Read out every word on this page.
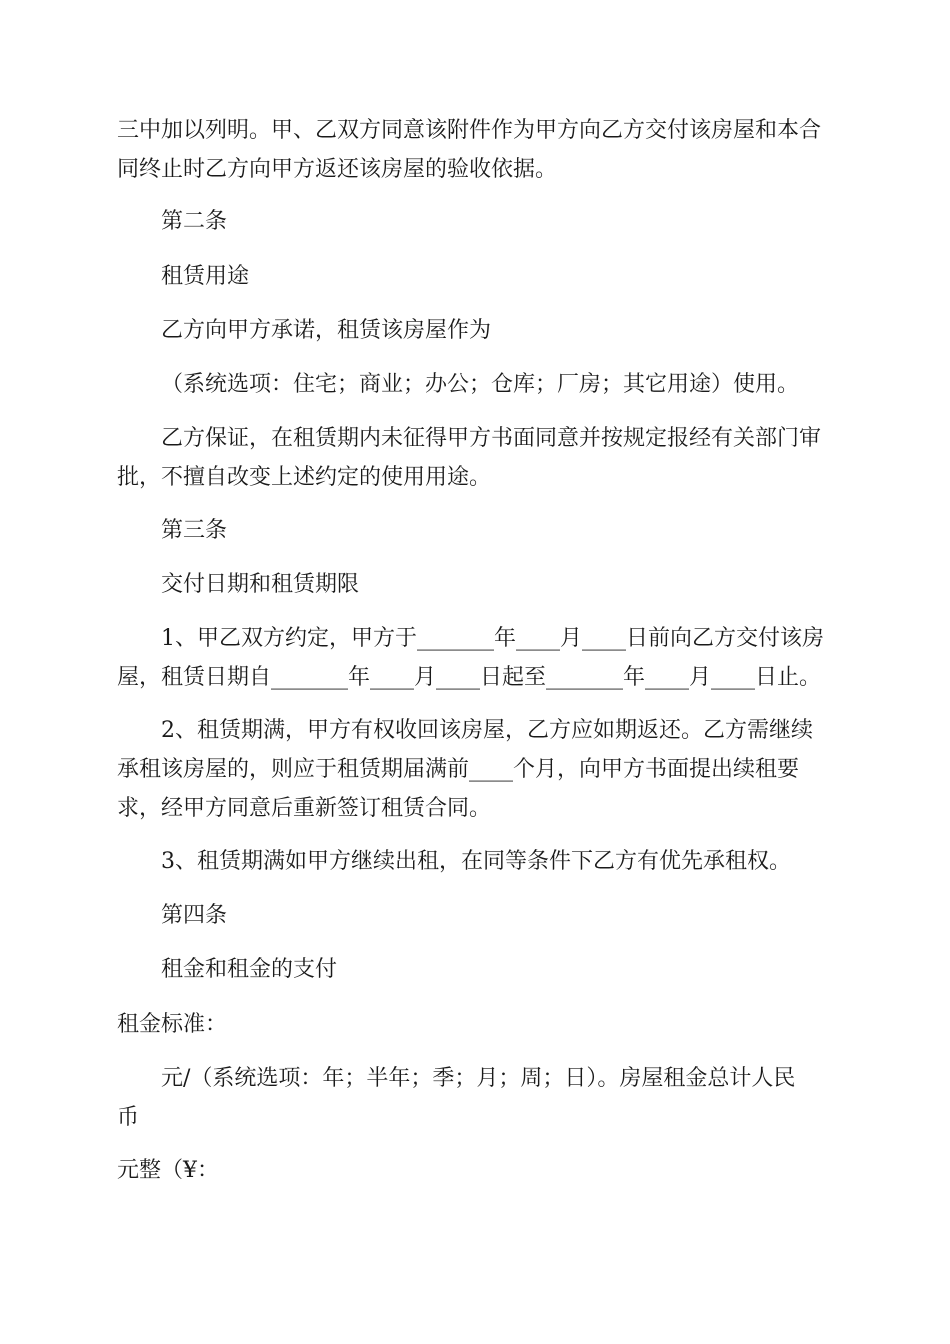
三中加以列明。甲、乙双方同意该附件作为甲方向乙方交付该房屋和本合

同终止时乙方向甲方返还该房屋的验收依据。

第二条

租赁用途

乙方向甲方承诺，租赁该房屋作为

（系统选项：住宅；商业；办公；仓库；厂房；其它用途）使用。

乙方保证，在租赁期内未征得甲方书面同意并按规定报经有关部门审

批，不擅自改变上述约定的使用用途。

第三条

交付日期和租赁期限

1、甲乙双方约定，甲方于_______年____月____日前向乙方交付该房

屋，租赁日期自_______年____月____日起至_______年____月____日止。

2、租赁期满，甲方有权收回该房屋，乙方应如期返还。乙方需继续

承租该房屋的，则应于租赁期届满前____个月，向甲方书面提出续租要

求，经甲方同意后重新签订租赁合同。

3、租赁期满如甲方继续出租，在同等条件下乙方有优先承租权。

第四条

租金和租金的支付

租金标准：

元/（系统选项：年；半年；季；月；周；日）。房屋租金总计人民

币

元整（¥：
